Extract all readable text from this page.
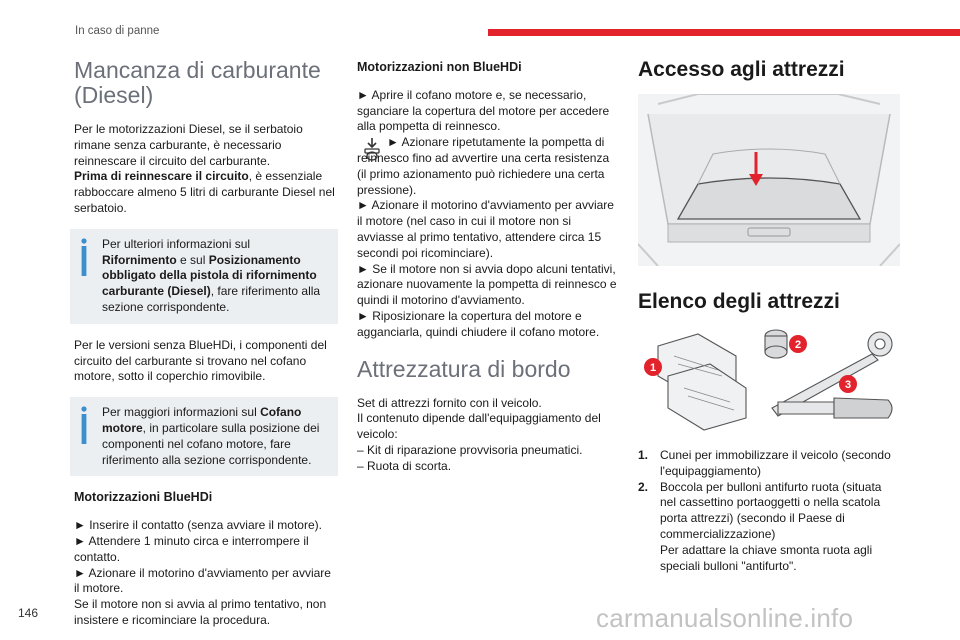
In caso di panne
Mancanza di carburante
(Diesel)

Per le motorizzazioni Diesel, se il serbatoio rimane senza carburante, è necessario reinnescare il circuito del carburante.

Prima di reinnescare il circuito, è essenziale rabboccare almeno 5 litri di carburante Diesel nel serbatoio.

Per ulteriori informazioni sul Rifornimento e sul Posizionamento obbligato della pistola di rifornimento carburante (Diesel), fare riferimento alla sezione corrispondente.

Per le versioni senza BlueHDi, i componenti del circuito del carburante si trovano nel cofano motore, sotto il coperchio rimovibile.

Per maggiori informazioni sul Cofano motore, in particolare sulla posizione dei componenti nel cofano motore, fare riferimento alla sezione corrispondente.
Motorizzazioni BlueHDi

► Inserire il contatto (senza avviare il motore).

► Attendere 1 minuto circa e interrompere il contatto.

► Azionare il motorino d'avviamento per avviare il motore.

Se il motore non si avvia al primo tentativo, non insistere e ricominciare la procedura.

Motorizzazioni non BlueHDi

► Aprire il cofano motore e, se necessario, sganciare la copertura del motore per accedere alla pompetta di reinnesco.

► Azionare ripetutamente la pompetta di reinnesco fino ad avvertire una certa resistenza (il primo azionamento può richiedere una certa pressione).

► Azionare il motorino d'avviamento per avviare il motore (nel caso in cui il motore non si avviasse al primo tentativo, attendere circa 15 secondi poi ricominciare).

► Se il motore non si avvia dopo alcuni tentativi, azionare nuovamente la pompetta di reinnesco e quindi il motorino d'avviamento.

► Riposizionare la copertura del motore e agganciarla, quindi chiudere il cofano motore.

Attrezzatura di bordo

Set di attrezzi fornito con il veicolo.

Il contenuto dipende dall'equipaggiamento del veicolo:

– Kit di riparazione provvisoria pneumatici.

– Ruota di scorta.

Accesso agli attrezzi
Elenco degli attrezzi
1
2
3
1. Cunei per immobilizzare il veicolo (secondo l'equipaggiamento)
2. Boccola per bulloni antifurto ruota (situata nel cassettino portaoggetti o nella scatola porta attrezzi) (secondo il Paese di commercializzazione)
Per adattare la chiave smonta ruota agli speciali bulloni "antifurto".
146	carmanualsonline.info
